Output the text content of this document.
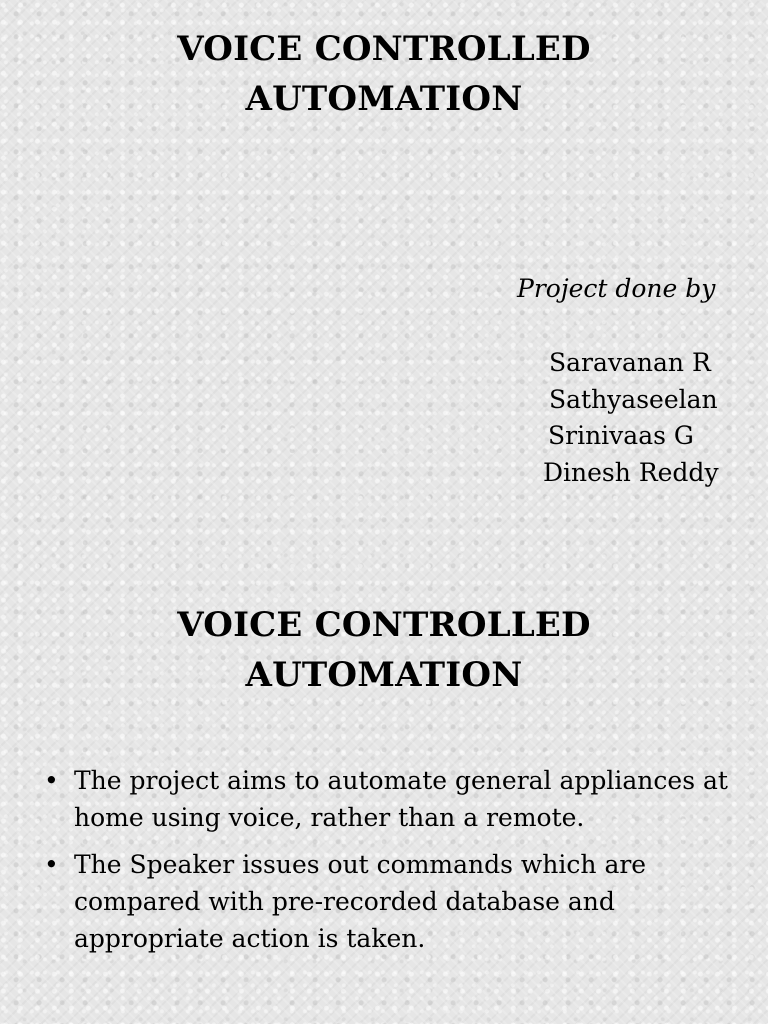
VOICE CONTROLLED
AUTOMATION

Project done by

Saravanan R
Sathyaseelan
Srinivaas G
Dinesh Reddy
VOICE CONTROLLED
AUTOMATION
• The project aims to automate general appliances at home using voice, rather than a remote.
• The Speaker issues out commands which are compared with pre-recorded database and appropriate action is taken.
